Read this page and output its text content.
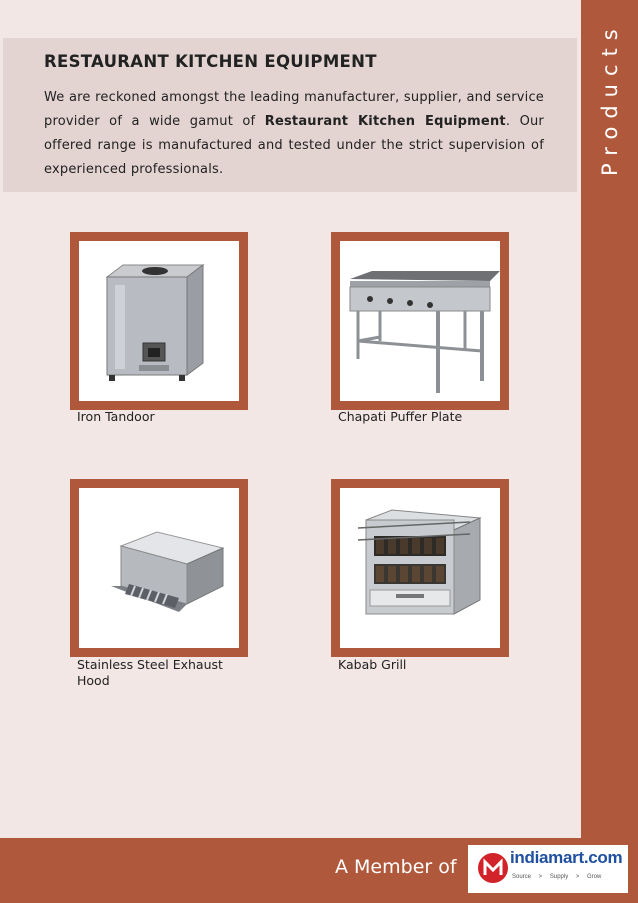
Products
RESTAURANT KITCHEN EQUIPMENT
We are reckoned amongst the leading manufacturer, supplier, and service provider of a wide gamut of Restaurant Kitchen Equipment. Our offered range is manufactured and tested under the strict supervision of experienced professionals.
Iron Tandoor	Chapati Puffer Plate
Stainless Steel Exhaust Hood
Kabab Grill
A Member of	indiamart.com
Source > Supply > Grow
